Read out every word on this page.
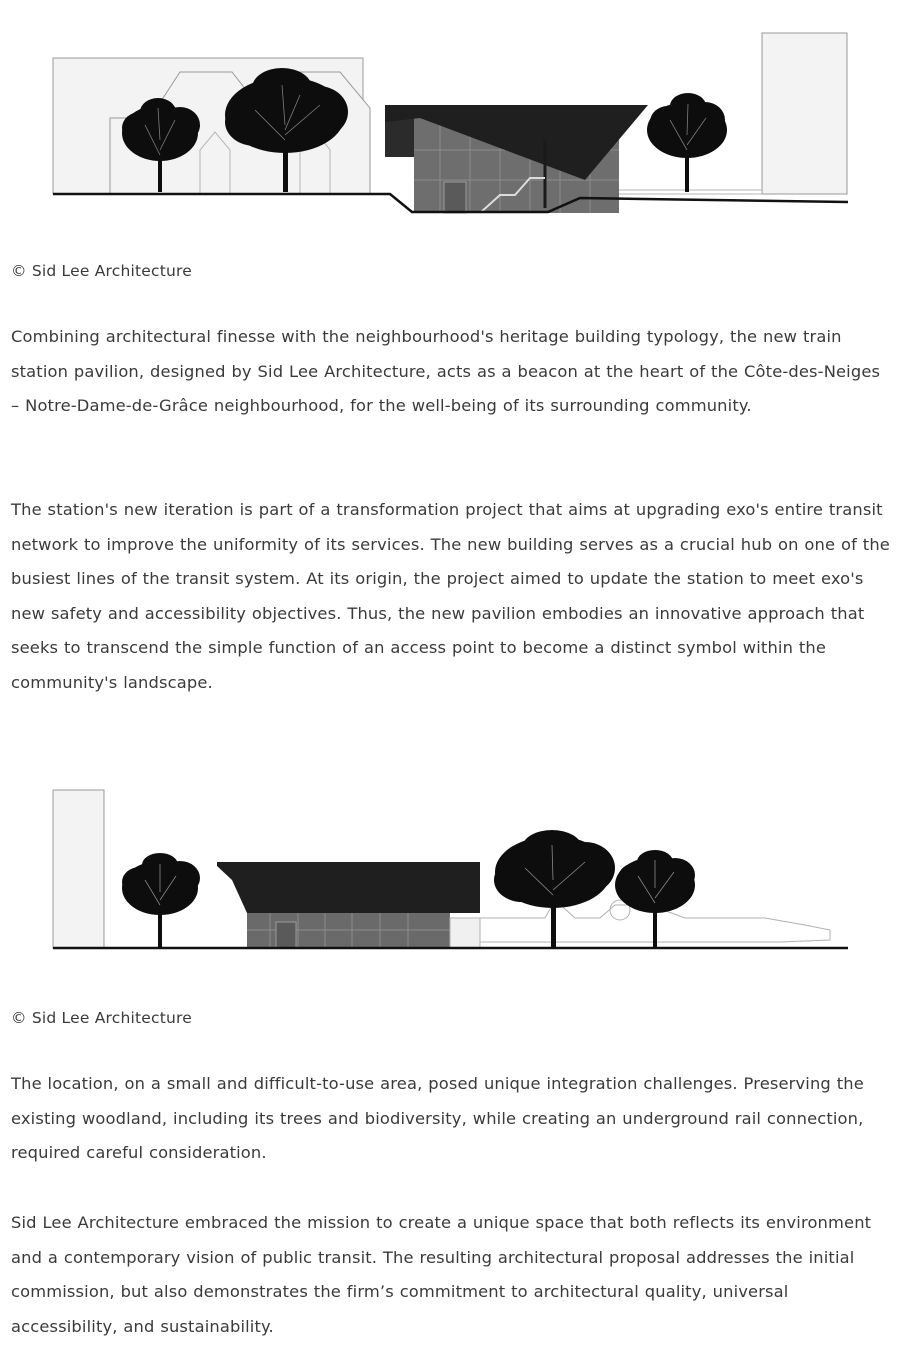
© Sid Lee Architecture

Combining architectural finesse with the neighbourhood's heritage building typology, the new train station pavilion, designed by Sid Lee Architecture, acts as a beacon at the heart of the Côte-des-Neiges – Notre-Dame-de-Grâce neighbourhood, for the well-being of its surrounding community.

The station's new iteration is part of a transformation project that aims at upgrading exo's entire transit network to improve the uniformity of its services. The new building serves as a crucial hub on one of the busiest lines of the transit system. At its origin, the project aimed to update the station to meet exo's new safety and accessibility objectives. Thus, the new pavilion embodies an innovative approach that seeks to transcend the simple function of an access point to become a distinct symbol within the community's landscape.

© Sid Lee Architecture

The location, on a small and difficult-to-use area, posed unique integration challenges. Preserving the existing woodland, including its trees and biodiversity, while creating an underground rail connection, required careful consideration.

Sid Lee Architecture embraced the mission to create a unique space that both reflects its environment and a contemporary vision of public transit. The resulting architectural proposal addresses the initial commission, but also demonstrates the firm’s commitment to architectural quality, universal accessibility, and sustainability.
